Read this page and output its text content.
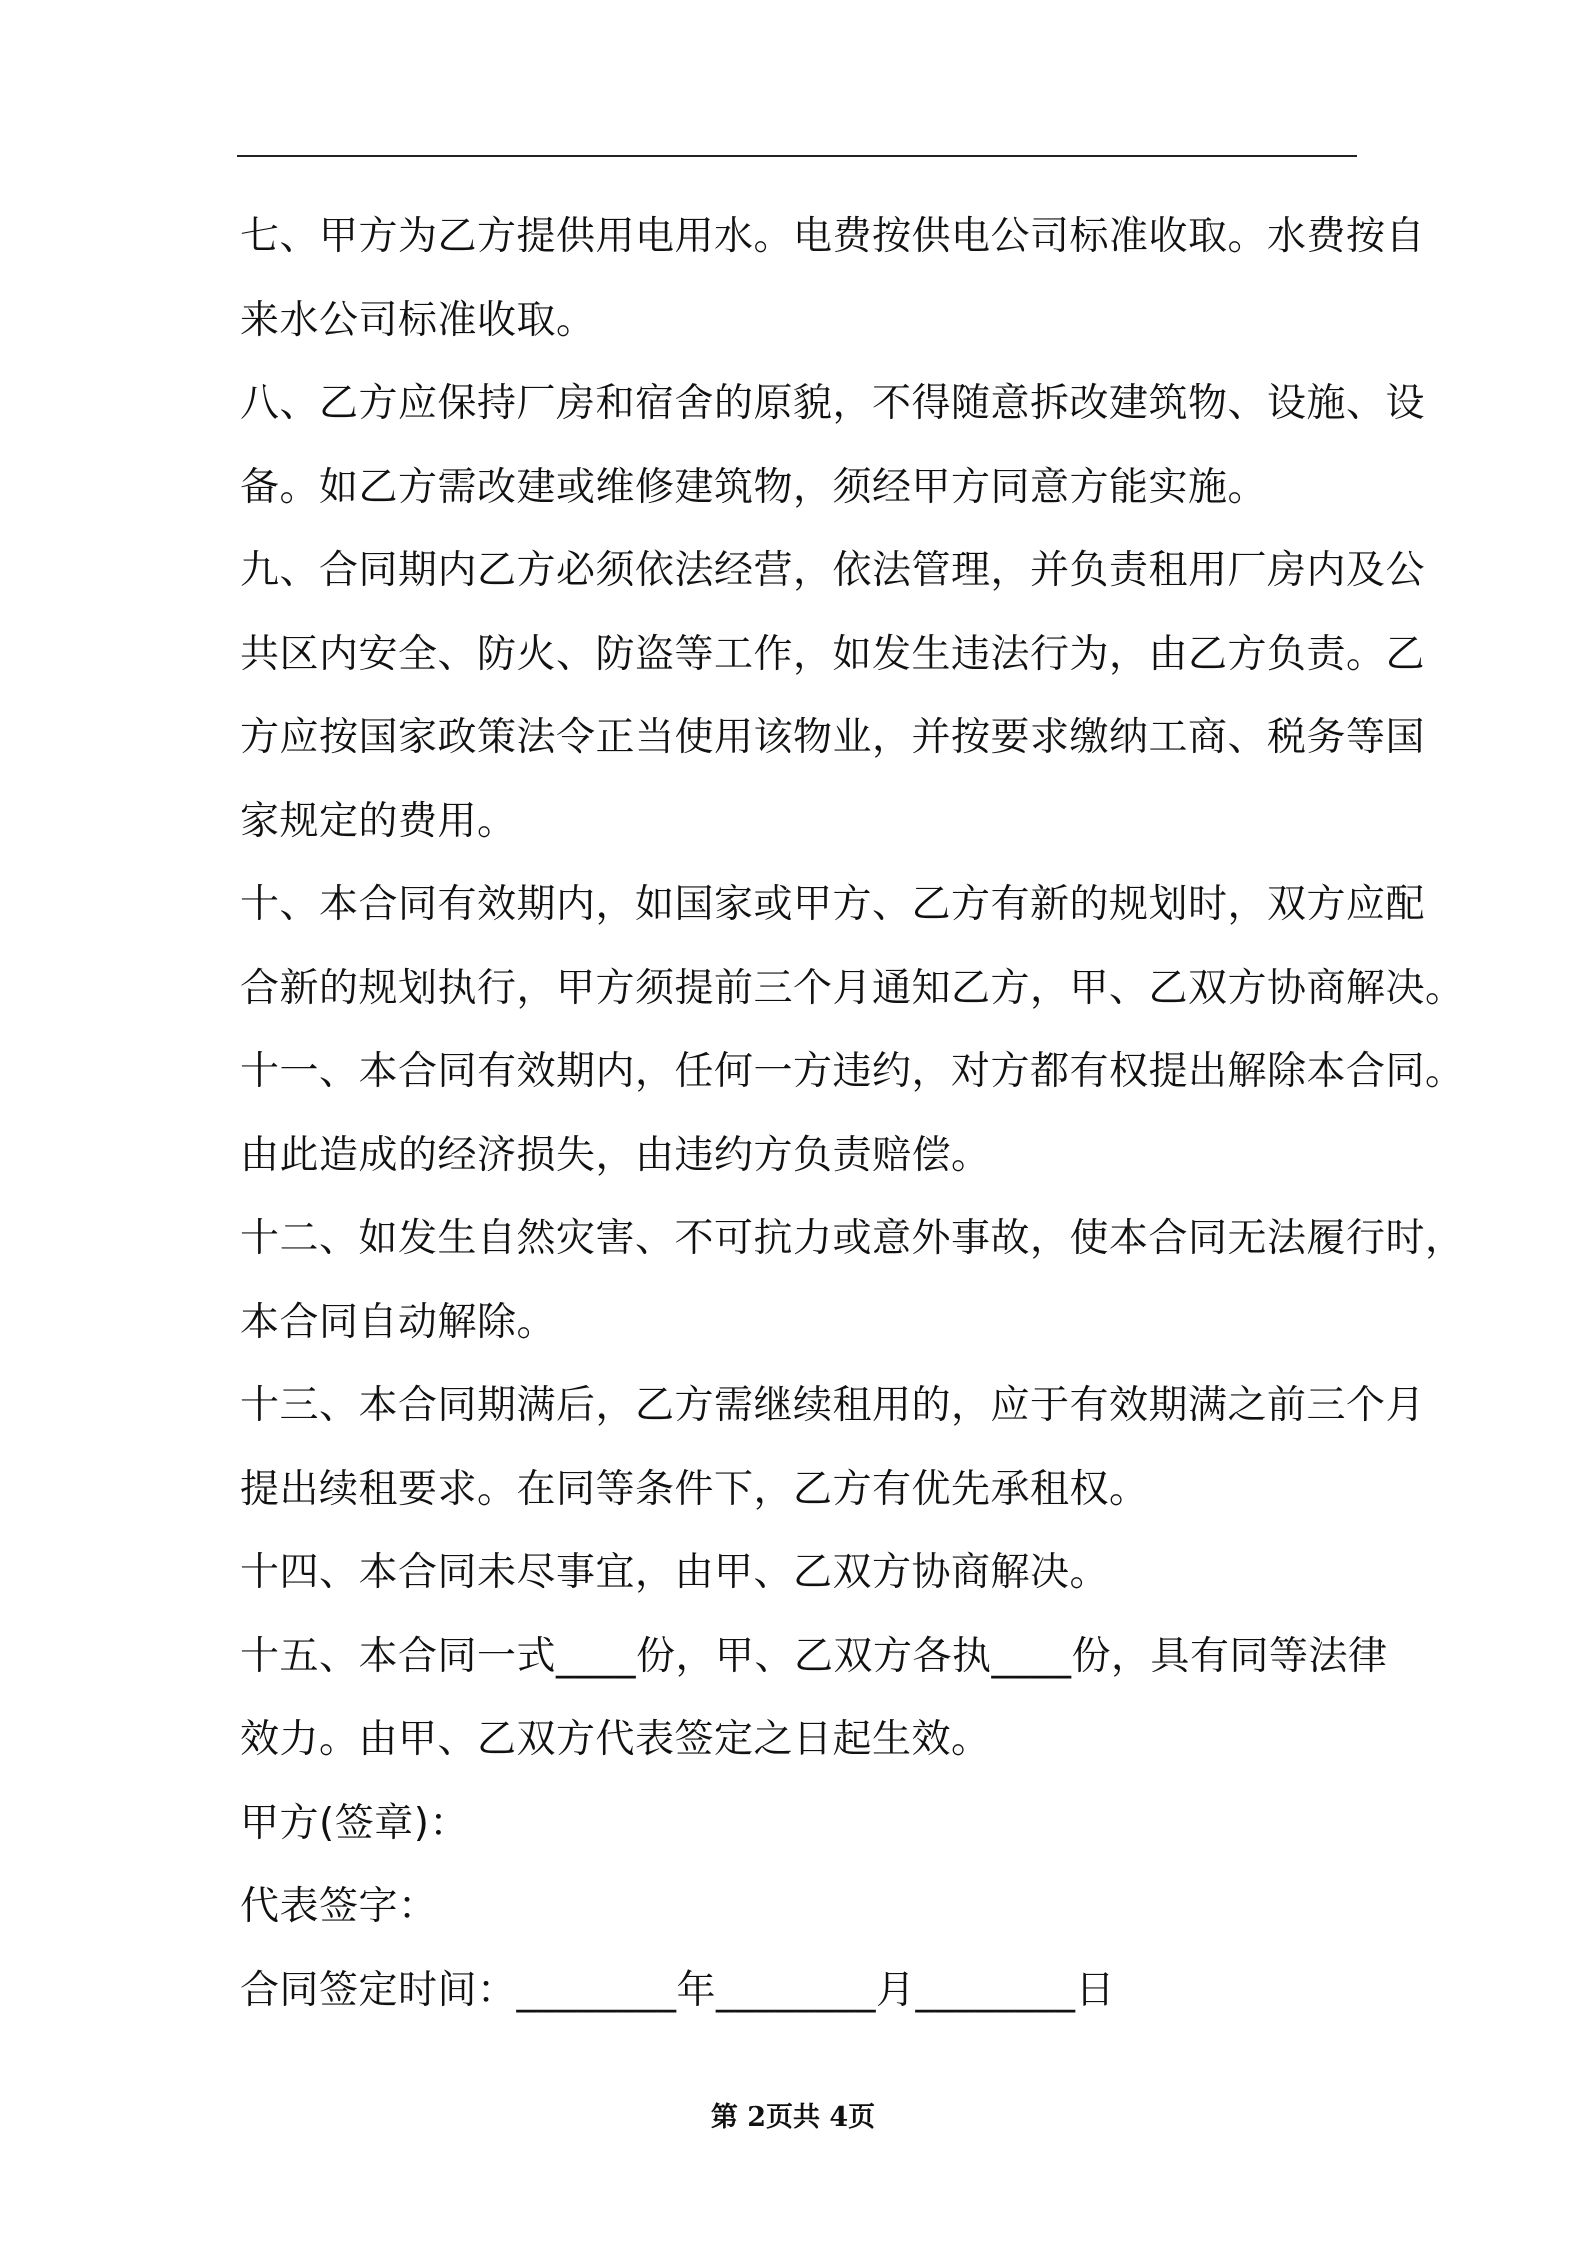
七、甲方为乙方提供用电用水。电费按供电公司标准收取。水费按自
来水公司标准收取。

八、乙方应保持厂房和宿舍的原貌，不得随意拆改建筑物、设施、设
备。如乙方需改建或维修建筑物，须经甲方同意方能实施。

九、合同期内乙方必须依法经营，依法管理，并负责租用厂房内及公
共区内安全、防火、防盗等工作，如发生违法行为，由乙方负责。乙
方应按国家政策法令正当使用该物业，并按要求缴纳工商、税务等国
家规定的费用。

十、本合同有效期内，如国家或甲方、乙方有新的规划时，双方应配
合新的规划执行，甲方须提前三个月通知乙方，甲、乙双方协商解决。

十一、本合同有效期内，任何一方违约，对方都有权提出解除本合同。
由此造成的经济损失，由违约方负责赔偿。

十二、如发生自然灾害、不可抗力或意外事故，使本合同无法履行时，
本合同自动解除。

十三、本合同期满后，乙方需继续租用的，应于有效期满之前三个月
提出续租要求。在同等条件下，乙方有优先承租权。

十四、本合同未尽事宜，由甲、乙双方协商解决。

十五、本合同一式____份，甲、乙双方各执____份，具有同等法律
效力。由甲、乙双方代表签定之日起生效。

甲方(签章)：

代表签字：

合同签定时间：________年________月________日

第 2页共 4页
